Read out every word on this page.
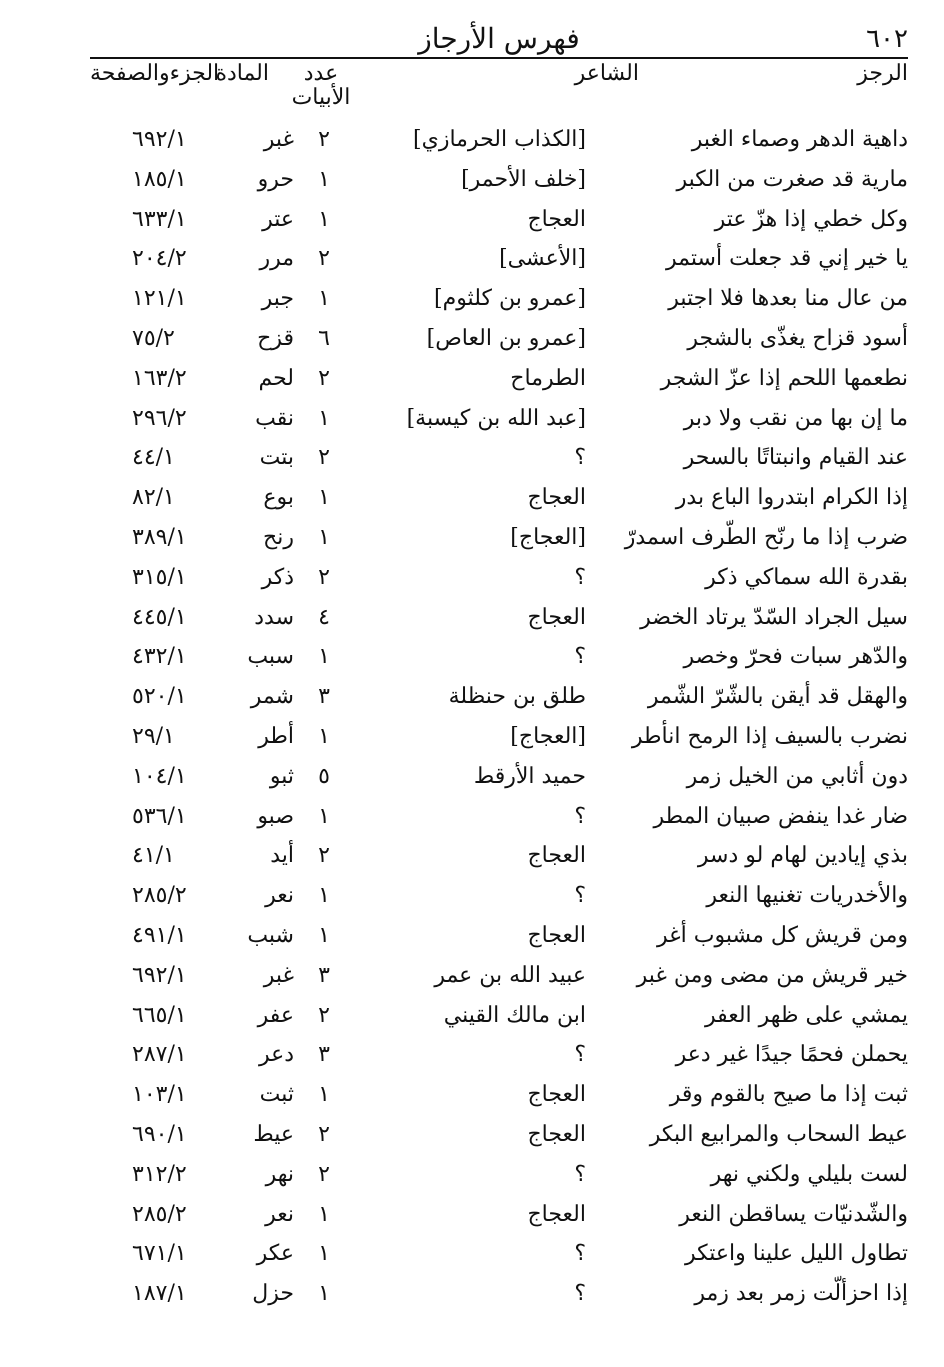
٦٠٢
فهرس الأرجاز
الرجز
الشاعر
عدد الأبيات
المادة
الجزءوالصفحة
داهية الدهر وصماء الغبر
[الكذاب الحرمازي]
٢
غبر
٦٩٢/١
مارية قد صغرت من الكبر
[خلف الأحمر]
١
حرو
١٨٥/١
وكل خطي إذا هزّ عتر
العجاج
١
عتر
٦٣٣/١
يا خير إني قد جعلت أستمر
[الأعشى]
٢
مرر
٢٠٤/٢
من عال منا بعدها فلا اجتبر
[عمرو بن كلثوم]
١
جبر
١٢١/١
أسود قزاح يغذّى بالشجر
[عمرو بن العاص]
٦
قزح
٧٥/٢
نطعمها اللحم إذا عزّ الشجر
الطرماح
٢
لحم
١٦٣/٢
ما إن بها من نقب ولا دبر
[عبد الله بن كيسبة]
١
نقب
٢٩٦/٢
عند القيام وانبتاتًا بالسحر
؟
٢
بتت
٤٤/١
إذا الكرام ابتدروا الباع بدر
العجاج
١
بوع
٨٢/١
ضرب إذا ما رنّح الطّرف اسمدرّ
[العجاج]
١
رنح
٣٨٩/١
بقدرة الله سماكي ذكر
؟
٢
ذكر
٣١٥/١
سيل الجراد السّدّ يرتاد الخضر
العجاج
٤
سدد
٤٤٥/١
والدّهر سبات فحرّ وخصر
؟
١
سبب
٤٣٢/١
والهقل قد أيقن بالشّرّ الشّمر
طلق بن حنظلة
٣
شمر
٥٢٠/١
نضرب بالسيف إذا الرمح انأطر
[العجاج]
١
أطر
٢٩/١
دون أثابي من الخيل زمر
حميد الأرقط
٥
ثبو
١٠٤/١
ضار غدا ينفض صبيان المطر
؟
١
صبو
٥٣٦/١
بذي إيادين لهام لو دسر
العجاج
٢
أيد
٤١/١
والأخدريات تغنيها النعر
؟
١
نعر
٢٨٥/٢
ومن قريش كل مشبوب أغر
العجاج
١
شبب
٤٩١/١
خير قريش من مضى ومن غبر
عبيد الله بن عمر
٣
غبر
٦٩٢/١
يمشي على ظهر العفر
ابن مالك القيني
٢
عفر
٦٦٥/١
يحملن فحمًا جيدًا غير دعر
؟
٣
دعر
٢٨٧/١
ثبت إذا ما صيح بالقوم وقر
العجاج
١
ثبت
١٠٣/١
عيط السحاب والمرابيع البكر
العجاج
٢
عيط
٦٩٠/١
لست بليلي ولكني نهر
؟
٢
نهر
٣١٢/٢
والشّدنيّات يساقطن النعر
العجاج
١
نعر
٢٨٥/٢
تطاول الليل علينا واعتكر
؟
١
عكر
٦٧١/١
إذا احزألّت زمر بعد زمر
؟
١
حزل
١٨٧/١
